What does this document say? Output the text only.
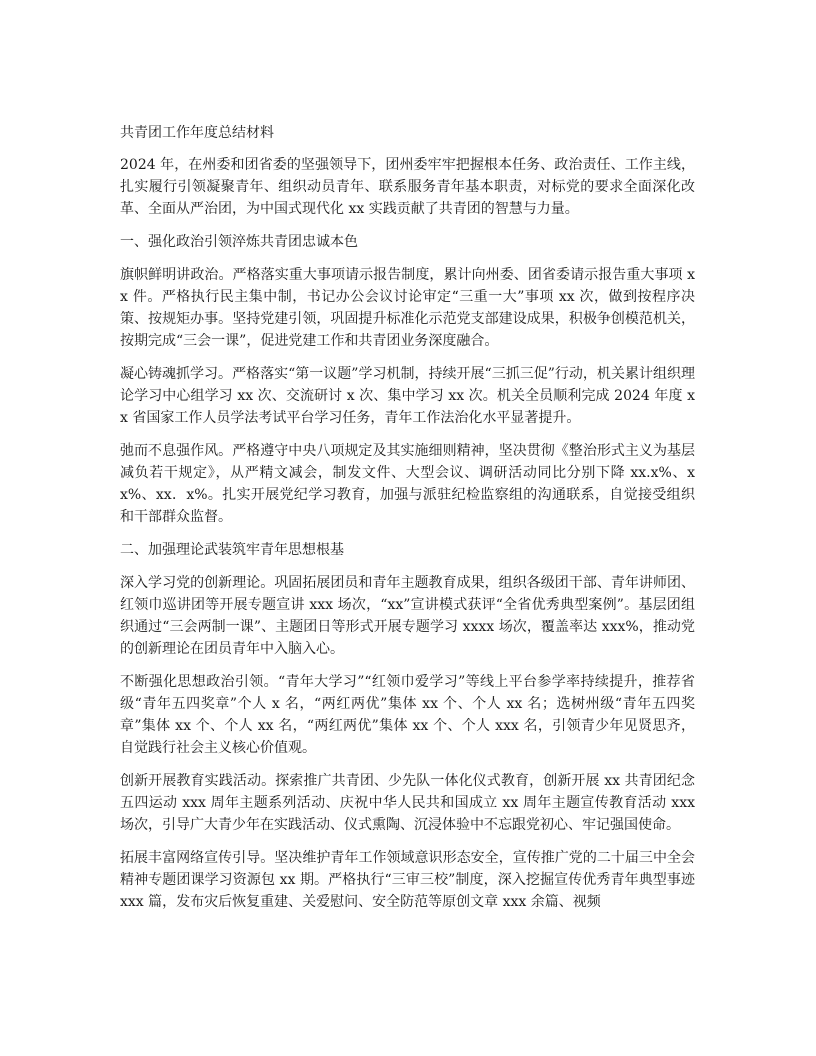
共青团工作年度总结材料

2024 年，在州委和团省委的坚强领导下，团州委牢牢把握根本任务、政治责任、工作主线，扎实履行引领凝聚青年、组织动员青年、联系服务青年基本职责，对标党的要求全面深化改革、全面从严治团，为中国式现代化 xx 实践贡献了共青团的智慧与力量。

一、强化政治引领淬炼共青团忠诚本色

旗帜鲜明讲政治。严格落实重大事项请示报告制度，累计向州委、团省委请示报告重大事项 xx 件。严格执行民主集中制，书记办公会议讨论审定“三重一大”事项 xx 次，做到按程序决策、按规矩办事。坚持党建引领，巩固提升标准化示范党支部建设成果，积极争创模范机关，按期完成“三会一课”，促进党建工作和共青团业务深度融合。

凝心铸魂抓学习。严格落实“第一议题”学习机制，持续开展“三抓三促”行动，机关累计组织理论学习中心组学习 xx 次、交流研讨 x 次、集中学习 xx 次。机关全员顺利完成 2024 年度 xx 省国家工作人员学法考试平台学习任务，青年工作法治化水平显著提升。

弛而不息强作风。严格遵守中央八项规定及其实施细则精神，坚决贯彻《整治形式主义为基层减负若干规定》，从严精文减会，制发文件、大型会议、调研活动同比分别下降 xx.x%、xx%、xx．x%。扎实开展党纪学习教育，加强与派驻纪检监察组的沟通联系，自觉接受组织和干部群众监督。

二、加强理论武装筑牢青年思想根基

深入学习党的创新理论。巩固拓展团员和青年主题教育成果，组织各级团干部、青年讲师团、红领巾巡讲团等开展专题宣讲 xxx 场次，“xx”宣讲模式获评“全省优秀典型案例”。基层团组织通过“三会两制一课”、主题团日等形式开展专题学习 xxxx 场次，覆盖率达 xxx%，推动党的创新理论在团员青年中入脑入心。

不断强化思想政治引领。“青年大学习”“红领巾爱学习”等线上平台参学率持续提升，推荐省级“青年五四奖章”个人 x 名，“两红两优”集体 xx 个、个人 xx 名；选树州级“青年五四奖章”集体 xx 个、个人 xx 名，“两红两优”集体 xx 个、个人 xxx 名，引领青少年见贤思齐，自觉践行社会主义核心价值观。

创新开展教育实践活动。探索推广共青团、少先队一体化仪式教育，创新开展 xx 共青团纪念五四运动 xxx 周年主题系列活动、庆祝中华人民共和国成立 xx 周年主题宣传教育活动 xxx 场次，引导广大青少年在实践活动、仪式熏陶、沉浸体验中不忘跟党初心、牢记强国使命。

拓展丰富网络宣传引导。坚决维护青年工作领域意识形态安全，宣传推广党的二十届三中全会精神专题团课学习资源包 xx 期。严格执行“三审三校”制度，深入挖掘宣传优秀青年典型事迹 xxx 篇，发布灾后恢复重建、关爱慰问、安全防范等原创文章 xxx 余篇、视频
